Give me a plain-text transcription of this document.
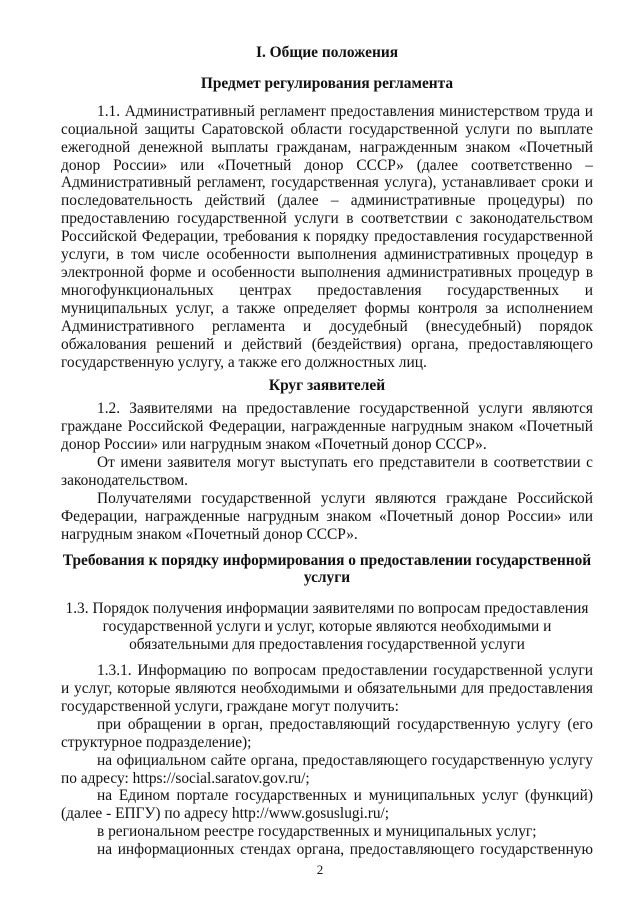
I. Общие положения
Предмет регулирования регламента

1.1. Административный регламент предоставления министерством труда и социальной защиты Саратовской области государственной услуги по выплате ежегодной денежной выплаты гражданам, награжденным знаком «Почетный донор России» или «Почетный донор СССР» (далее соответственно – Административный регламент, государственная услуга), устанавливает сроки и последовательность действий (далее – административные процедуры) по предоставлению государственной услуги в соответствии с законодательством Российской Федерации, требования к порядку предоставления государственной услуги, в том числе особенности выполнения административных процедур в электронной форме и особенности выполнения административных процедур в многофункциональных центрах предоставления государственных и муниципальных услуг, а также определяет формы контроля за исполнением Административного регламента и досудебный (внесудебный) порядок обжалования решений и действий (бездействия) органа, предоставляющего государственную услугу, а также его должностных лиц.

Круг заявителей

1.2. Заявителями на предоставление государственной услуги являются граждане Российской Федерации, награжденные нагрудным знаком «Почетный донор России» или нагрудным знаком «Почетный донор СССР».

От имени заявителя могут выступать его представители в соответствии с законодательством.

Получателями государственной услуги являются граждане Российской Федерации, награжденные нагрудным знаком «Почетный донор России» или нагрудным знаком «Почетный донор СССР».

Требования к порядку информирования о предоставлении государственной услуги
1.3. Порядок получения информации заявителями по вопросам предоставления государственной услуги и услуг, которые являются необходимыми и обязательными для предоставления государственной услуги

1.3.1. Информацию по вопросам предоставлении государственной услуги и услуг, которые являются необходимыми и обязательными для предоставления государственной услуги, граждане могут получить:

при обращении в орган, предоставляющий государственную услугу (его структурное подразделение);

на официальном сайте органа, предоставляющего государственную услугу по адресу: https://social.saratov.gov.ru/;

на Едином портале государственных и муниципальных услуг (функций) (далее - ЕПГУ) по адресу http://www.gosuslugi.ru/;

в региональном реестре государственных и муниципальных услуг;

на информационных стендах органа, предоставляющего государственную

2
